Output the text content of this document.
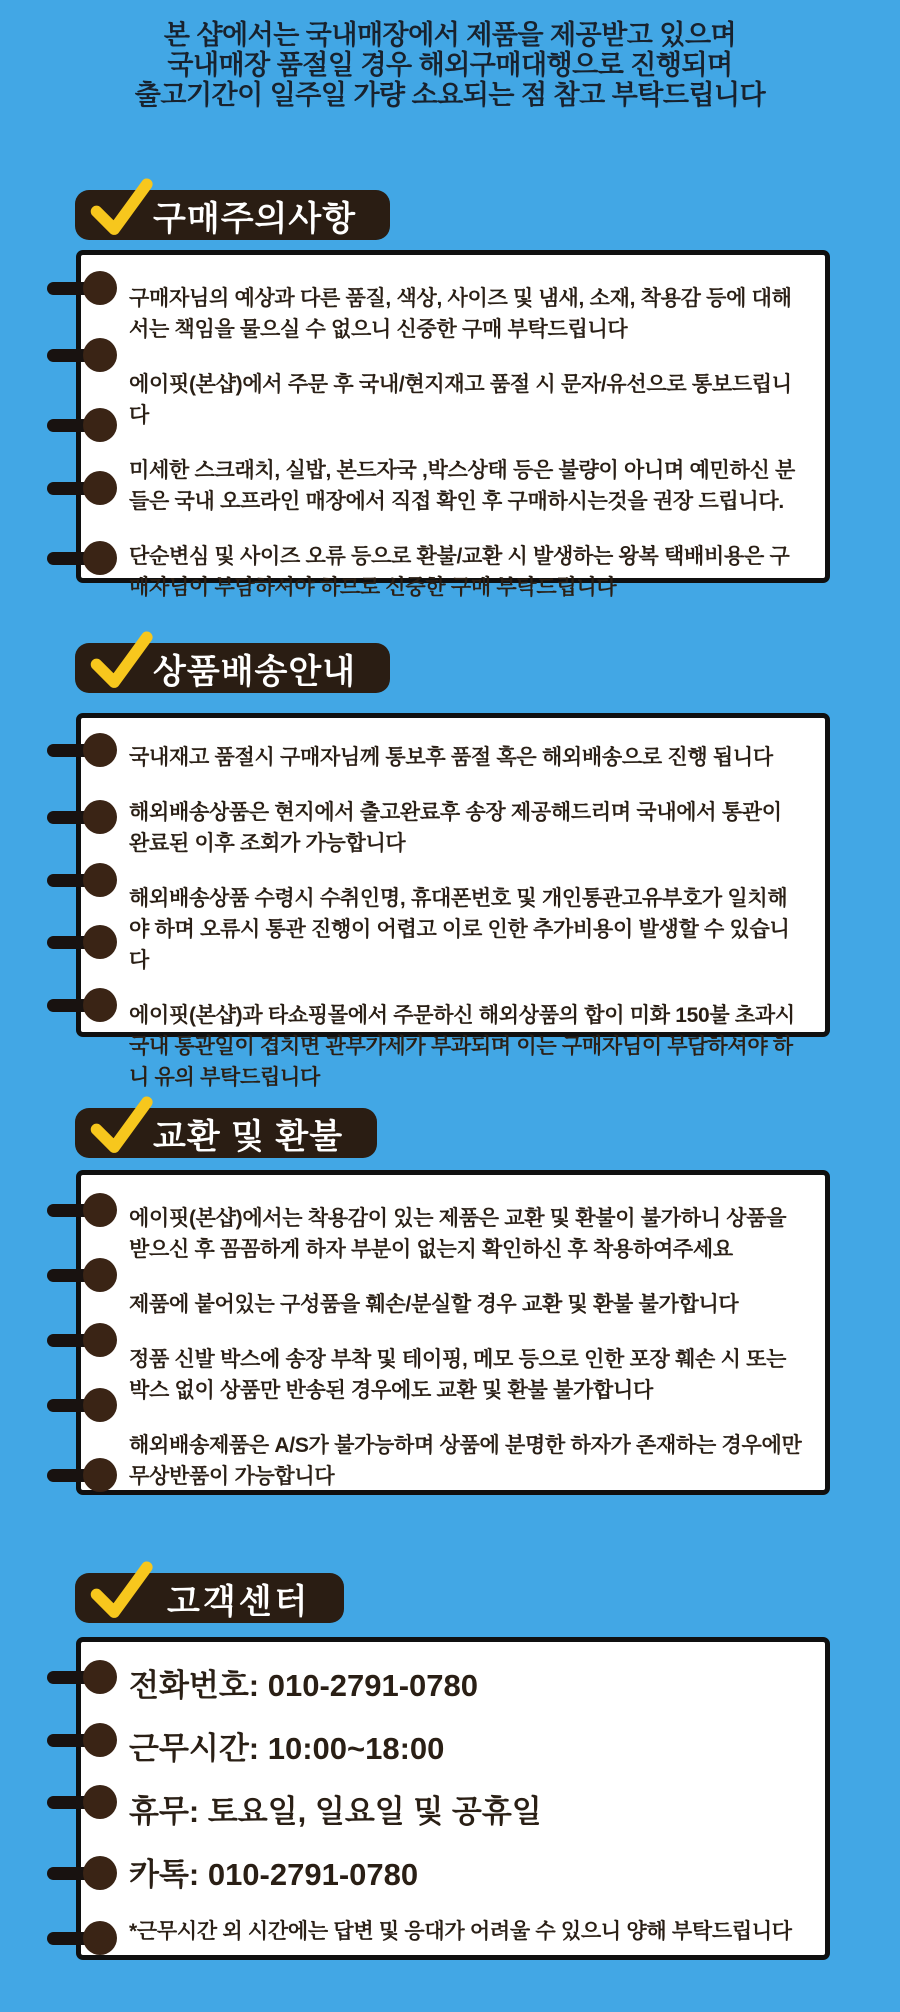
본 샵에서는 국내매장에서 제품을 제공받고 있으며
국내매장 품절일 경우 해외구매대행으로 진행되며
출고기간이 일주일 가량 소요되는 점 참고 부탁드립니다
구매주의사항

구매자님의 예상과 다른 품질, 색상, 사이즈 및 냄새, 소재, 착용감 등에 대해서는 책임을 물으실 수 없으니 신중한 구매 부탁드립니다

에이핏(본샵)에서 주문 후 국내/현지재고 품절 시 문자/유선으로 통보드립니다

미세한 스크래치, 실밥, 본드자국 ,박스상태 등은 불량이 아니며 예민하신 분들은 국내 오프라인 매장에서 직접 확인 후 구매하시는것을 권장 드립니다.

단순변심 및 사이즈 오류 등으로 환불/교환 시 발생하는 왕복 택배비용은 구매자님이 부담하셔야 하므로 신중한 구매 부탁드립니다

상품배송안내

국내재고 품절시 구매자님께 통보후 품절 혹은 해외배송으로 진행 됩니다

해외배송상품은 현지에서 출고완료후 송장 제공해드리며 국내에서 통관이 완료된 이후 조회가 가능합니다

해외배송상품 수령시 수취인명, 휴대폰번호 및 개인통관고유부호가 일치해야 하며 오류시 통관 진행이 어렵고 이로 인한 추가비용이 발생할 수 있습니다

에이핏(본샵)과 타쇼핑몰에서 주문하신 해외상품의 합이 미화 150불 초과시 국내 통관일이 겹치면 관부가세가 부과되며 이는 구매자님이 부담하셔야 하니 유의 부탁드립니다

교환 및 환불

에이핏(본샵)에서는 착용감이 있는 제품은 교환 및 환불이 불가하니 상품을 받으신 후 꼼꼼하게 하자 부분이 없는지 확인하신 후 착용하여주세요

제품에 붙어있는 구성품을 훼손/분실할 경우 교환 및 환불 불가합니다

정품 신발 박스에 송장 부착 및 테이핑, 메모 등으로 인한 포장 훼손 시 또는 박스 없이 상품만 반송된 경우에도 교환 및 환불 불가합니다

해외배송제품은 A/S가 불가능하며 상품에 분명한 하자가 존재하는 경우에만 무상반품이 가능합니다

고객센터

전화번호: 010-2791-0780

근무시간: 10:00~18:00

휴무: 토요일, 일요일 및 공휴일

카톡: 010-2791-0780

*근무시간 외 시간에는 답변 및 응대가 어려울 수 있으니 양해 부탁드립니다
